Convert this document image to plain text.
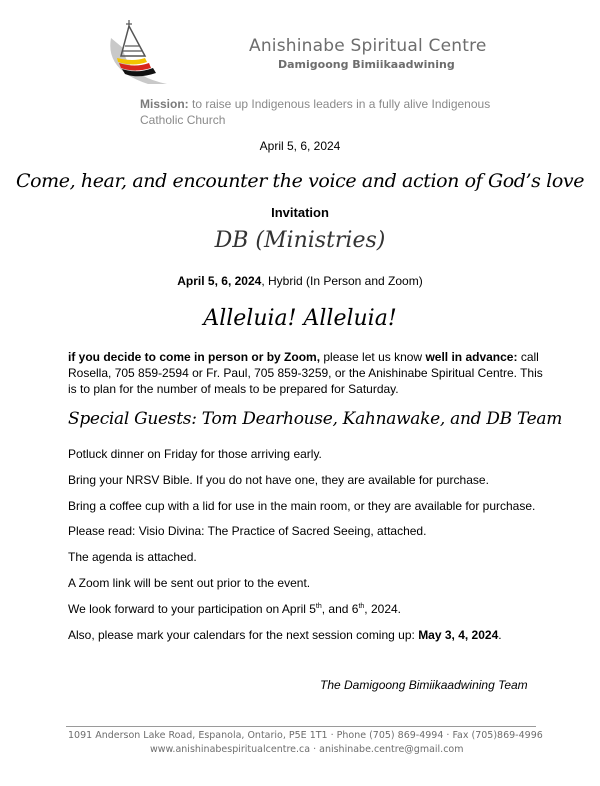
Anishinabe Spiritual Centre
Damigoong Bimiikaadwining
Mission: to raise up Indigenous leaders in a fully alive Indigenous Catholic Church
April 5, 6, 2024
Come, hear, and encounter the voice and action of God’s love
Invitation
DB (Ministries)
April 5, 6, 2024, Hybrid (In Person and Zoom)
Alleluia! Alleluia!
if you decide to come in person or by Zoom, please let us know well in advance: call Rosella, 705 859-2594 or Fr. Paul, 705 859-3259, or the Anishinabe Spiritual Centre. This is to plan for the number of meals to be prepared for Saturday.
Special Guests: Tom Dearhouse, Kahnawake, and DB Team
Potluck dinner on Friday for those arriving early.
Bring your NRSV Bible. If you do not have one, they are available for purchase.
Bring a coffee cup with a lid for use in the main room, or they are available for purchase.
Please read: Visio Divina: The Practice of Sacred Seeing, attached.
The agenda is attached.
A Zoom link will be sent out prior to the event.
We look forward to your participation on April 5th, and 6th, 2024.
Also, please mark your calendars for the next session coming up: May 3, 4, 2024.
The Damigoong Bimiikaadwining Team
1091 Anderson Lake Road, Espanola, Ontario, P5E 1T1 · Phone (705) 869-4994 · Fax (705)869-4996
www.anishinabespiritualcentre.ca · anishinabe.centre@gmail.com
